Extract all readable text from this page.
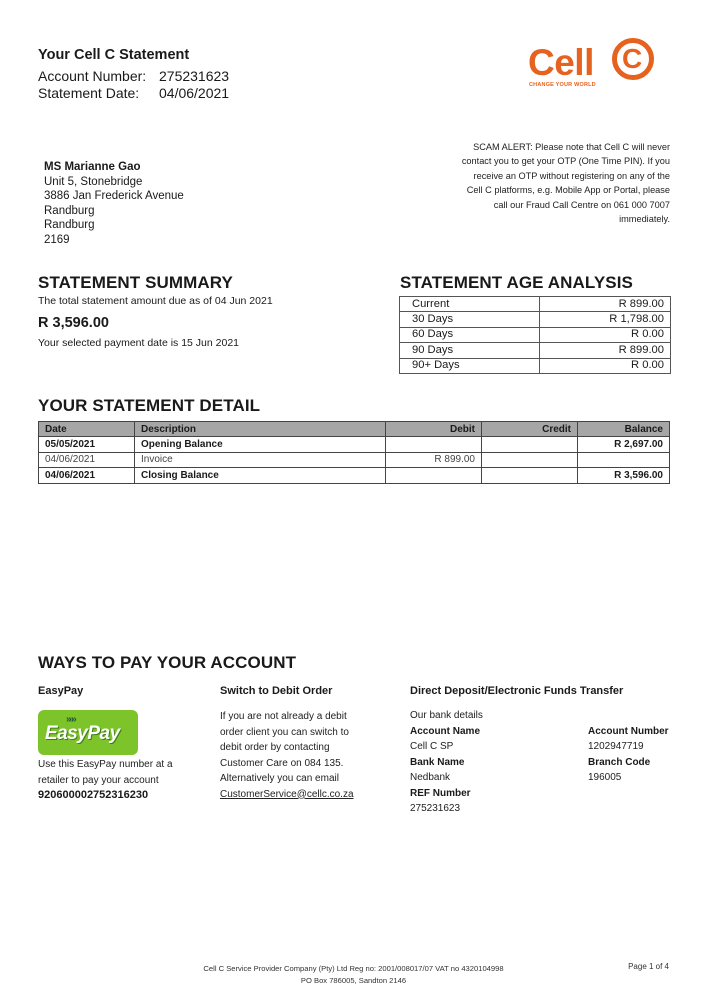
Your Cell C Statement
Account Number: 275231623
Statement Date:	04/06/2021
Cell C
CHANGE YOUR WORLD
MS Marianne Gao
Unit 5, Stonebridge
3886 Jan Frederick Avenue
Randburg
Randburg
2169
SCAM ALERT: Please note that Cell C will never
contact you to get your OTP (One Time PIN). If you
receive an OTP without registering on any of the
Cell C platforms, e.g. Mobile App or Portal, please
call our Fraud Call Centre on 061 000 7007
immediately.
STATEMENT SUMMARY
The total statement amount due as of 04 Jun 2021
R 3,596.00
Your selected payment date is 15 Jun 2021
STATEMENT AGE ANALYSIS
Current	R 899.00
30 Days	R 1,798.00
60 Days	R 0.00
90 Days	R 899.00
90+ Days	R 0.00
YOUR STATEMENT DETAIL
Date	Description	Debit	Credit	Balance
05/05/2021	Opening Balance			R 2,697.00
04/06/2021	Invoice	R 899.00		
04/06/2021	Closing Balance			R 3,596.00
WAYS TO PAY YOUR ACCOUNT
EasyPay
»»»
EasyPay
Use this EasyPay number at a
retailer to pay your account
920600002752316230
Switch to Debit Order
If you are not already a debit
order client you can switch to
debit order by contacting
Customer Care on 084 135.
Alternatively you can email
CustomerService@cellc.co.za
Direct Deposit/Electronic Funds Transfer
Our bank details
Account Name
Cell C SP
Bank Name
Nedbank
REF Number
275231623
Account Number
1202947719
Branch Code
196005
Cell C Service Provider Company (Pty) Ltd Reg no: 2001/008017/07 VAT no 4320104998
PO Box 786005, Sandton 2146
Page 1 of 4
